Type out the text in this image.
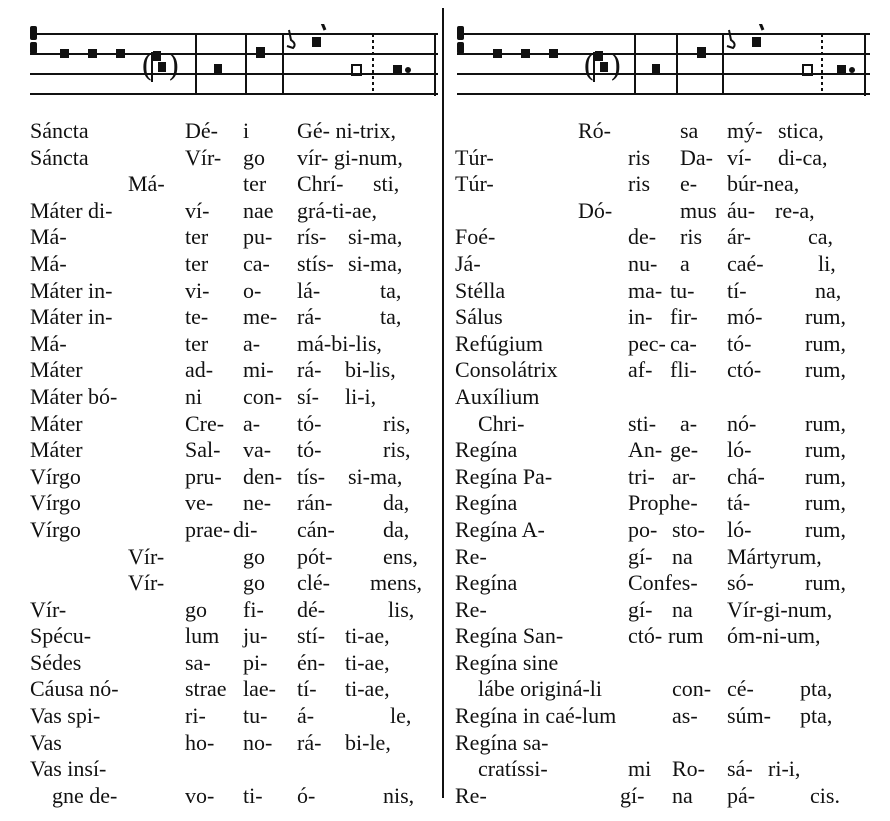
( )	( )
Sáncta	Dé- i Gé- ni-trix,
Sáncta	Vír- go vír- gi-num,
Má-	ter Chrí- sti,
Máter di-	ví- nae grá-ti-ae,
Má-	ter pu- rís- si-ma,
Má-	ter ca- stís- si-ma,
Máter in-	vi- o- lá-	ta,
Máter in-	te- me- rá-	ta,
Má-	ter a- má-bi-lis,
Máter	ad- mi- rá- bi-lis,
Máter bó-	ni con- sí- li-i,
Máter	Cre- a- tó-	ris,
Máter	Sal- va- tó-	ris,
Vírgo	pru- den- tís- si-ma,
Vírgo	ve- ne- rán- da,
Vírgo	prae- di- cán- da,
Vír-	go pót- ens,
Vír-	go clé- mens,
Vír-	go fi- dé-	lis,
Spécu-	lum ju- stí- ti-ae,
Sédes	sa- pi- én- ti-ae,
Cáusa nó-	strae lae- tí- ti-ae,
Vas spi-	ri- tu- á-	le,
Vas	ho- no- rá- bi-le,
Vas insí-
gne de-	vo- ti- ó-	nis,
Ró-	sa mý- stica,
Túr-	ris Da- ví- di-ca,
Túr-	ris e- búr-nea,
Dó-	mus áu- re-a,
Foé-	de- ris ár-	ca,
Já-	nu- a caé- li,
Stélla	ma- tu- tí-	na,
Sálus	in- fir- mó- rum,
Refúgium	pec- ca- tó- rum,
Consolátrix	af- fli- ctó- rum,
Auxílium
Chri-	sti- a- nó- rum,
Regína	An- ge- ló- rum,
Regína Pa-	tri- ar- chá- rum,
Regína	Prophe- tá- rum,
Regína A-	po- sto- ló- rum,
Re-	gí- na Mártyrum,
Regína	Confes- só- rum,
Re-	gí- na Vír-gi-num,
Regína San-	ctó- rum óm-ni-um,
Regína sine
lábe originá-li	con- cé- pta,
Regína in caé-lum	as- súm- pta,
Regína sa-
cratíssi-	mi Ro- sá- ri-i,
Re-	gí- na pá- cis.
